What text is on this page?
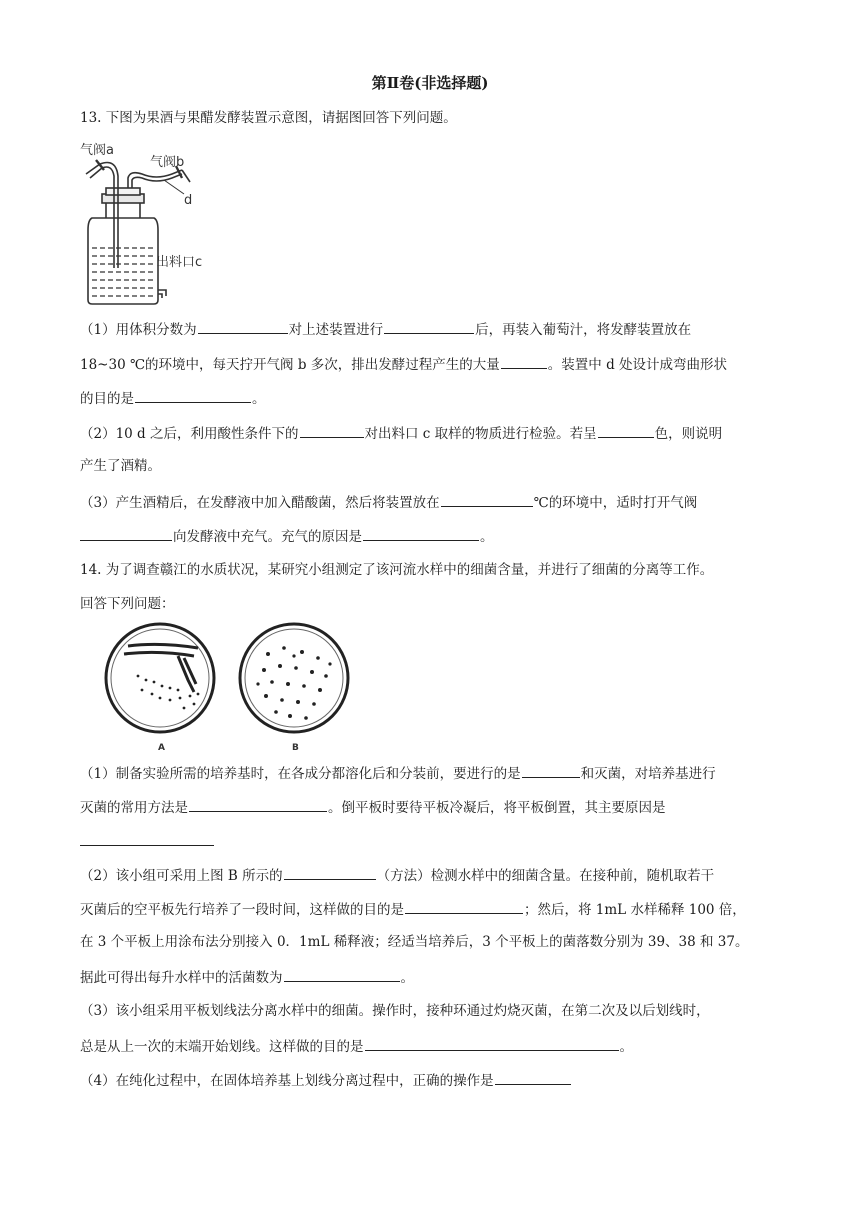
第Ⅱ卷(非选择题)
13. 下图为果酒与果醋发酵装置示意图，请据图回答下列问题。
气阀a
气阀b
d
出料口c
（1）用体积分数为	对上述装置进行	后，再装入葡萄汁，将发酵装置放在
18~30 ℃的环境中，每天拧开气阀 b 多次，排出发酵过程产生的大量	。装置中 d 处设计成弯曲形状
的目的是	。
（2）10 d 之后，利用酸性条件下的	对出料口 c 取样的物质进行检验。若呈	色，则说明
产生了酒精。
（3）产生酒精后，在发酵液中加入醋酸菌，然后将装置放在	℃的环境中，适时打开气阀
向发酵液中充气。充气的原因是	。
14. 为了调查赣江的水质状况，某研究小组测定了该河流水样中的细菌含量，并进行了细菌的分离等工作。
回答下列问题：
A	B
（1）制备实验所需的培养基时，在各成分都溶化后和分装前，要进行的是	和灭菌，对培养基进行
灭菌的常用方法是	。倒平板时要待平板冷凝后，将平板倒置，其主要原因是
（2）该小组可采用上图 B 所示的	（方法）检测水样中的细菌含量。在接种前，随机取若干
灭菌后的空平板先行培养了一段时间，这样做的目的是	；然后，将 1mL 水样稀释 100 倍，
在 3 个平板上用涂布法分别接入 0．1mL 稀释液；经适当培养后，3 个平板上的菌落数分别为 39、38 和 37。
据此可得出每升水样中的活菌数为	。
（3）该小组采用平板划线法分离水样中的细菌。操作时，接种环通过灼烧灭菌，在第二次及以后划线时，
总是从上一次的末端开始划线。这样做的目的是	。
（4）在纯化过程中，在固体培养基上划线分离过程中，正确的操作是
